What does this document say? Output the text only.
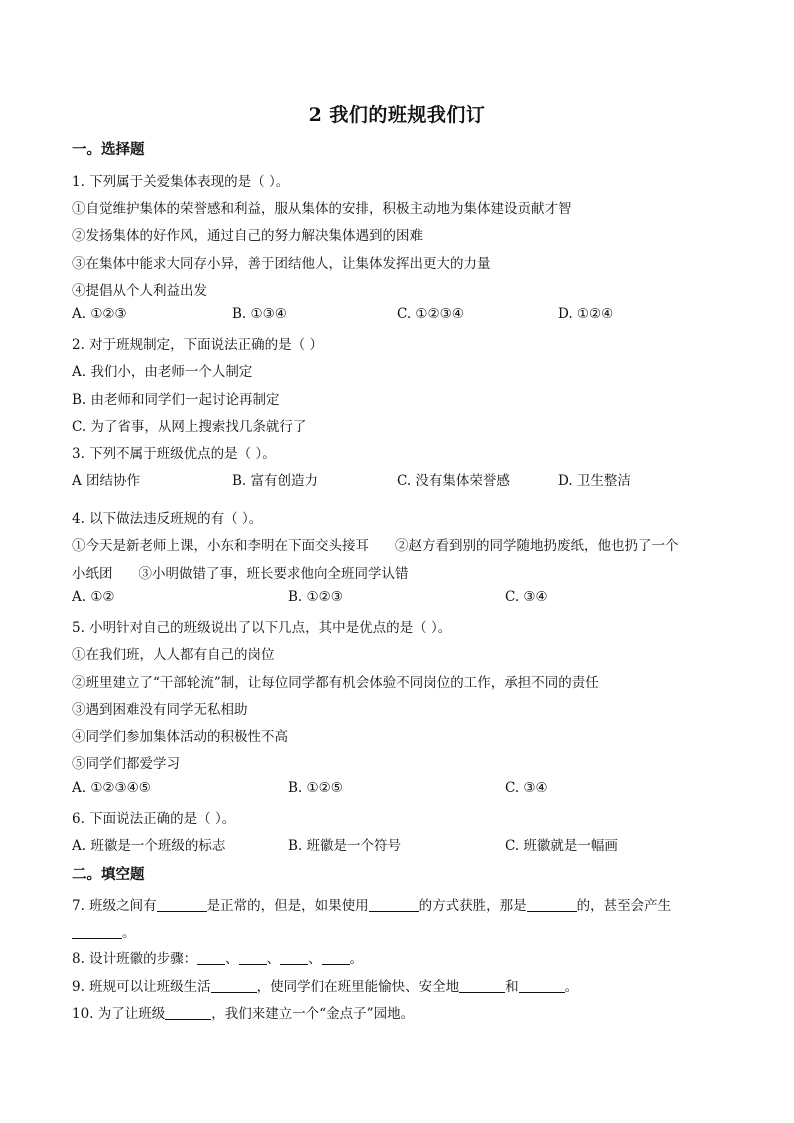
2 我们的班规我们订
一。选择题
1. 下列属于关爱集体表现的是（ ）。
①自觉维护集体的荣誉感和利益，服从集体的安排，积极主动地为集体建设贡献才智
②发扬集体的好作风，通过自己的努力解决集体遇到的困难
③在集体中能求大同存小异，善于团结他人，让集体发挥出更大的力量
④提倡从个人利益出发
A. ①②③	B. ①③④	C. ①②③④	D. ①②④
2. 对于班规制定，下面说法正确的是（ ）
A. 我们小，由老师一个人制定
B. 由老师和同学们一起讨论再制定
C. 为了省事，从网上搜索找几条就行了
3. 下列不属于班级优点的是（ ）。
A 团结协作	B. 富有创造力	C. 没有集体荣誉感	D. 卫生整洁
4. 以下做法违反班规的有（ ）。
①今天是新老师上课，小东和李明在下面交头接耳 ②赵方看到别的同学随地扔废纸，他也扔了一个
小纸团 ③小明做错了事，班长要求他向全班同学认错
A. ①②	B. ①②③	C. ③④
5. 小明针对自己的班级说出了以下几点，其中是优点的是（ ）。
①在我们班，人人都有自己的岗位
②班里建立了“干部轮流”制，让每位同学都有机会体验不同岗位的工作，承担不同的责任
③遇到困难没有同学无私相助
④同学们参加集体活动的积极性不高
⑤同学们都爱学习
A. ①②③④⑤	B. ①②⑤	C. ③④
6. 下面说法正确的是（ ）。
A. 班徽是一个班级的标志	B. 班徽是一个符号	C. 班徽就是一幅画
二。填空题
7. 班级之间有	是正常的，但是，如果使用	的方式获胜，那是	的，甚至会产生
。
8. 设计班徽的步骤： 、 、 、 。
9. 班规可以让班级生活	，使同学们在班里能愉快、安全地	和	。
10. 为了让班级	，我们来建立一个“金点子”园地。
